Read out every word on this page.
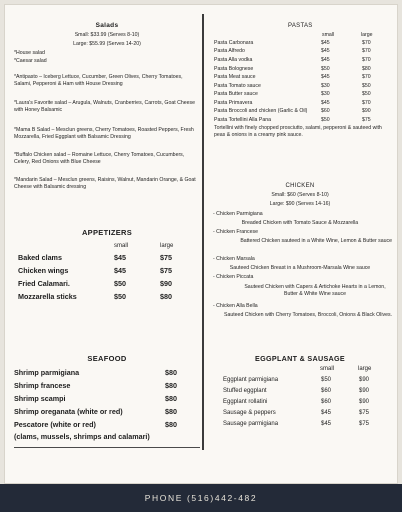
Salads
Small: $33.99 (Serves 8-10)
Large: $55.99 (Serves 14-20)
*House salad
*Caesar salad
*Antipasto – Iceberg Lettuce, Cucumber, Green Olives, Cherry Tomatoes, Salami, Pepperoni & Ham with House Dressing
*Laura's Favorite salad – Arugula, Walnuts, Cranberries, Carrots, Goat Cheese with Honey Balsamic
*Mama B Salad – Mesclun greens, Cherry Tomatoes, Roasted Peppers, Fresh Mozzarella, Fried Eggplant with Balsamic Dressing
*Buffalo Chicken salad – Romaine Lettuce, Cherry Tomatoes, Cucumbers, Celery, Red Onions with Blue Cheese
*Mandarin Salad – Mesclun greens, Raisins, Walnut, Mandarin Orange, & Goat Cheese with Balsamic dressing
APPETIZERS
small	large
Baked clams	$45	$75
Chicken wings	$45	$75
Fried Calamari.	$50	$90
Mozzarella sticks	$50	$80
SEAFOOD
Shrimp parmigiana	$80
Shrimp francese	$80
Shrimp scampi	$80
Shrimp oreganata (white or red)	$80
Pescatore (white or red)	$80
(clams, mussels, shrimps and calamari)
PASTAS
small	large
Pasta Carbonara	$45	$70
Pasta Alfredo	$45	$70
Pasta Alla vodka	$45	$70
Pasta Bolognese	$50	$80
Pasta Meat sauce	$45	$70
Pasta Tomato sauce	$30	$50
Pasta Butter sauce	$30	$50
Pasta Primavera	$45	$70
Pasta Broccoli and chicken (Garlic & Oil)	$60	$90
Pasta Tortellini Alla Pana	$50	$75
Tortellini with finely chopped prosciutto, salami, pepperoni & sauteed with peas & onions in a creamy pink sauce.
CHICKEN
Small: $60 (Serves 8-10)
Large: $90 (Serves 14-16)
- Chicken Parmigiana
Breaded Chicken with Tomato Sauce & Mozzarella
- Chicken Francese
Battered Chicken sauteed in a White Wine, Lemon & Butter sauce
- Chicken Marsala
Sauteed Chicken Breast in a Mushroom-Marsala Wine sauce
- Chicken Piccata
Sauteed Chicken with Capers & Artichoke Hearts in a Lemon, Butter & White Wine sauce
- Chicken Alla Bella
Sauteed Chicken with Cherry Tomatoes, Broccoli, Onions & Black Olives.
EGGPLANT & SAUSAGE
small	large
Eggplant parmigiana	$50	$90
Stuffed eggplant	$60	$90
Eggplant rollatini	$60	$90
Sausage & peppers	$45	$75
Sausage parmigiana	$45	$75
PHONE (516)442-482
